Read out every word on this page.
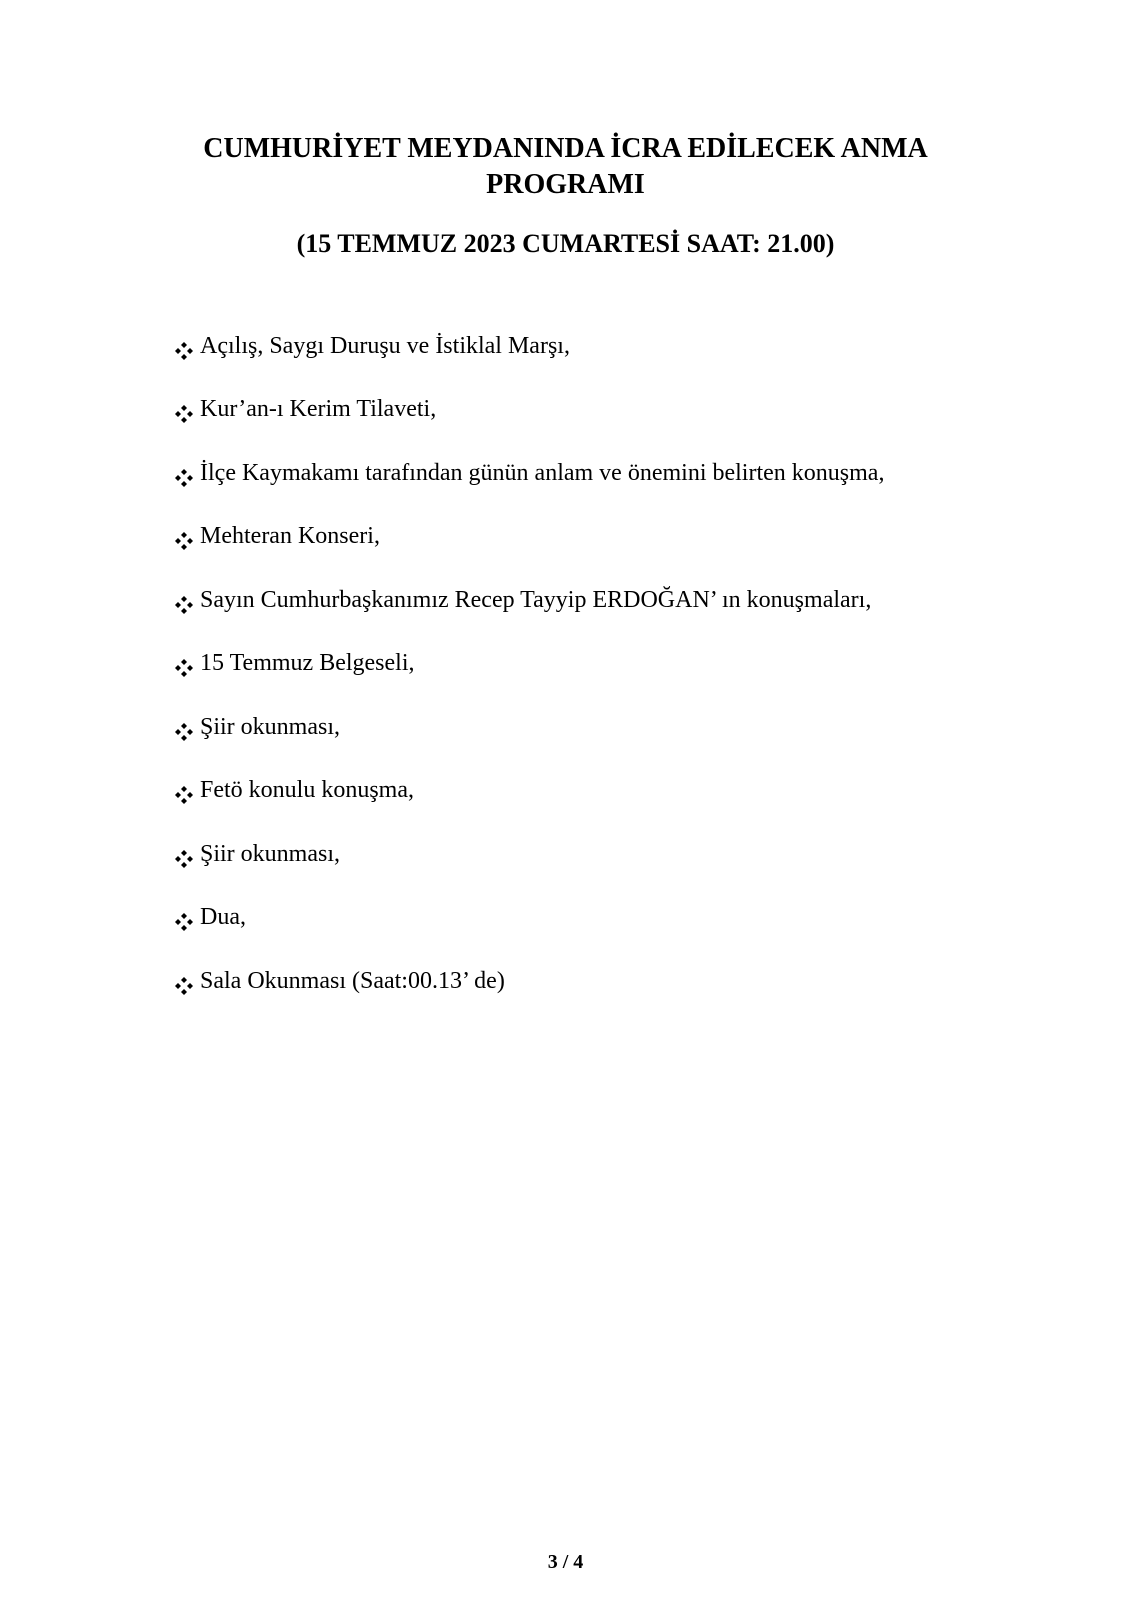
CUMHURİYET MEYDANINDA İCRA EDİLECEK ANMA PROGRAMI
(15 TEMMUZ 2023 CUMARTESİ SAAT: 21.00)
Açılış, Saygı Duruşu ve İstiklal Marşı,
Kur’an-ı Kerim Tilaveti,
İlçe Kaymakamı tarafından günün anlam ve önemini belirten konuşma,
Mehteran Konseri,
Sayın Cumhurbaşkanımız Recep Tayyip ERDOĞAN’ ın konuşmaları,
15 Temmuz Belgeseli,
Şiir okunması,
Fetö konulu konuşma,
Şiir okunması,
Dua,
Sala Okunması (Saat:00.13’ de)
3 / 4
